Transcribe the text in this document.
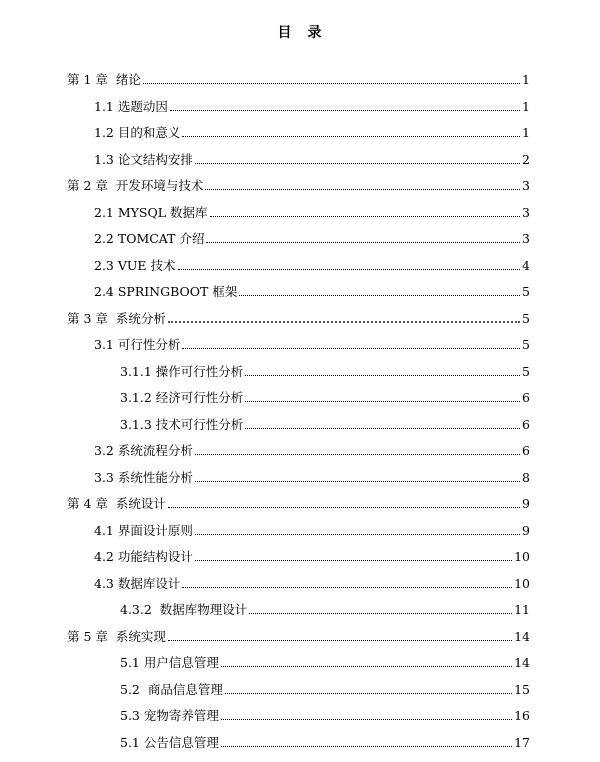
目　录
第 1 章  绪论	1
1.1 选题动因	1
1.2 目的和意义	1
1.3 论文结构安排	2
第 2 章  开发环境与技术	3
2.1 MYSQL 数据库	3
2.2 TOMCAT 介绍	3
2.3 VUE 技术	4
2.4 SPRINGBOOT 框架	5
第 3 章  系统分析	5
3.1 可行性分析	5
3.1.1 操作可行性分析	5
3.1.2 经济可行性分析	6
3.1.3 技术可行性分析	6
3.2 系统流程分析	6
3.3 系统性能分析	8
第 4 章  系统设计	9
4.1 界面设计原则	9
4.2 功能结构设计	10
4.3 数据库设计	10
4.3.2  数据库物理设计	11
第 5 章  系统实现	14
5.1 用户信息管理	14
5.2  商品信息管理	15
5.3 宠物寄养管理	16
5.1 公告信息管理	17
